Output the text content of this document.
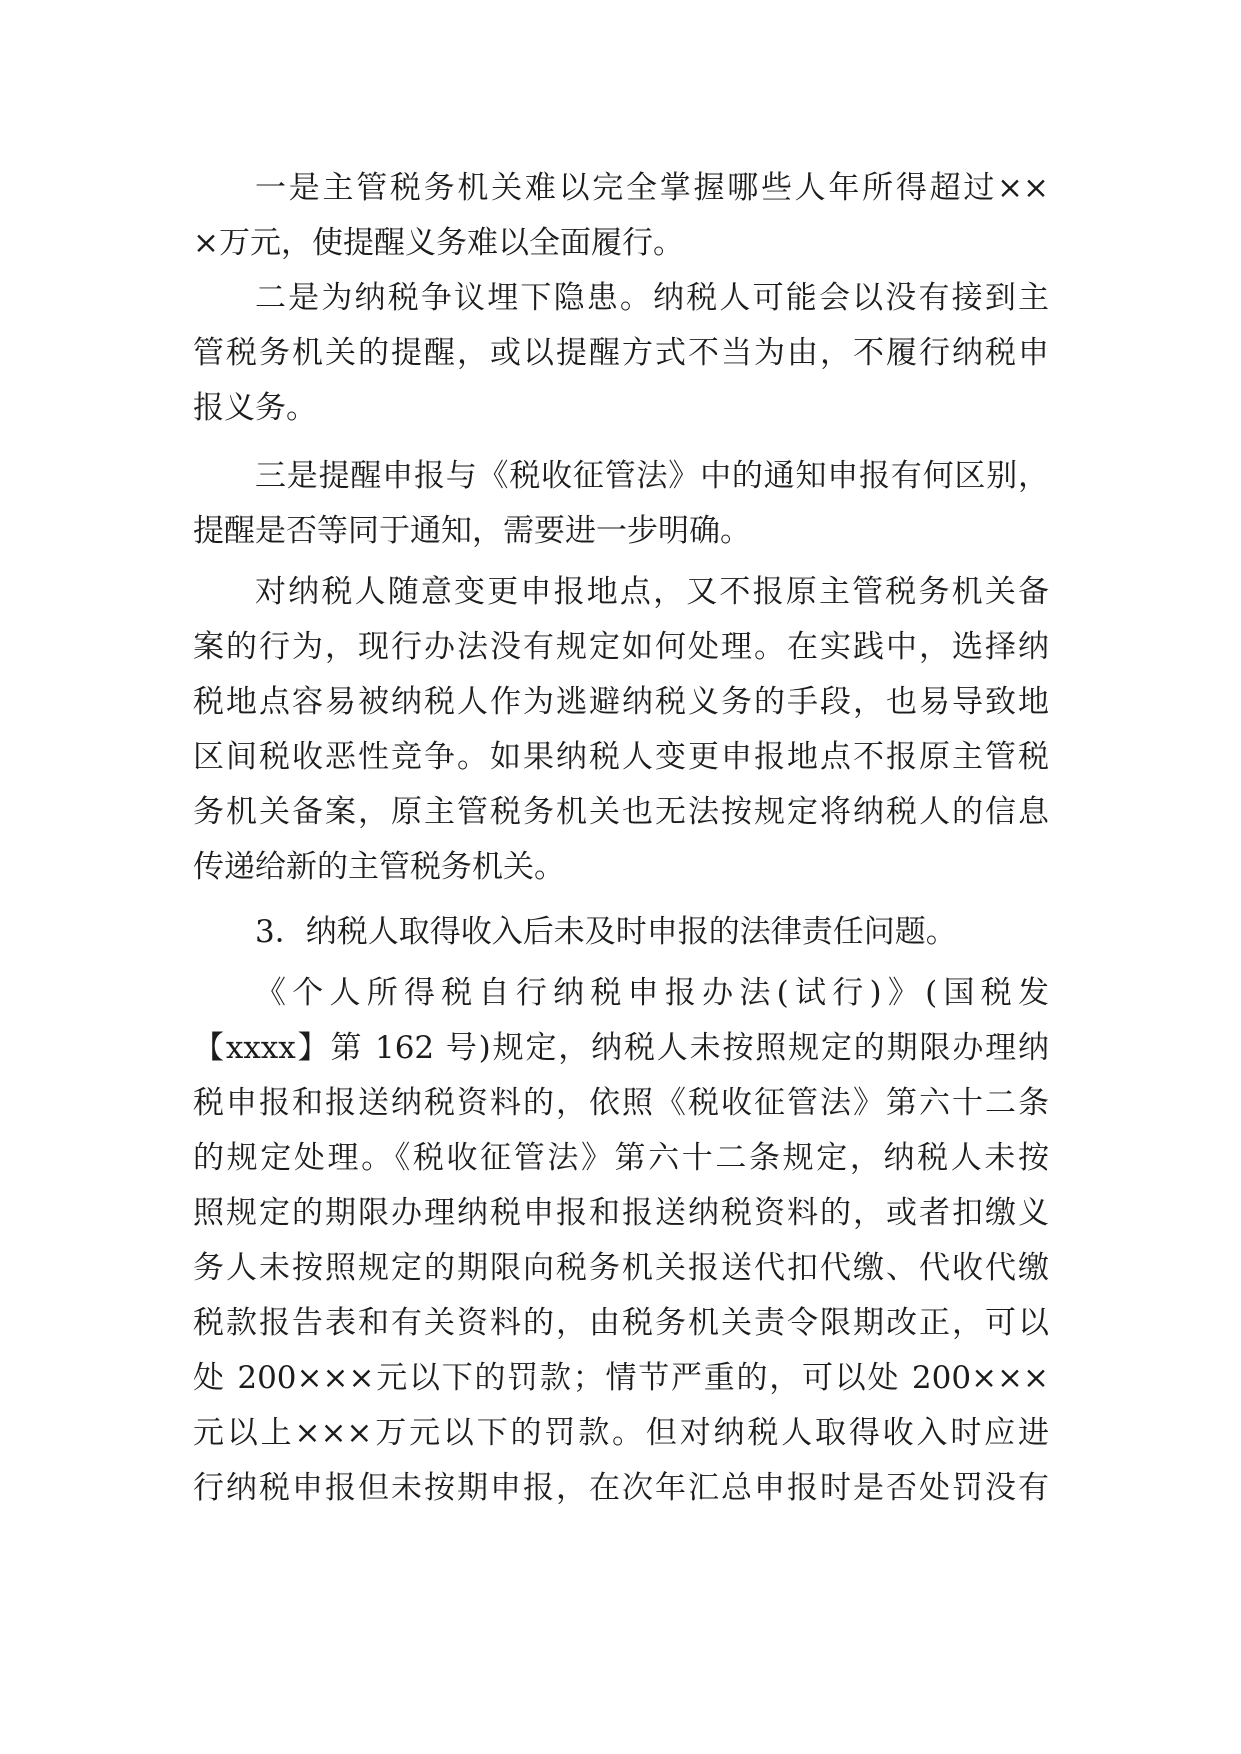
一是主管税务机关难以完全掌握哪些人年所得超过××

×万元，使提醒义务难以全面履行。

二是为纳税争议埋下隐患。纳税人可能会以没有接到主

管税务机关的提醒，或以提醒方式不当为由，不履行纳税申

报义务。

三是提醒申报与《税收征管法》中的通知申报有何区别，

提醒是否等同于通知，需要进一步明确。

对纳税人随意变更申报地点，又不报原主管税务机关备

案的行为，现行办法没有规定如何处理。在实践中，选择纳

税地点容易被纳税人作为逃避纳税义务的手段，也易导致地

区间税收恶性竞争。如果纳税人变更申报地点不报原主管税

务机关备案，原主管税务机关也无法按规定将纳税人的信息

传递给新的主管税务机关。

3．纳税人取得收入后未及时申报的法律责任问题。

《个人所得税自行纳税申报办法(试行)》(国税发

【xxxx】第 162 号)规定，纳税人未按照规定的期限办理纳

税申报和报送纳税资料的，依照《税收征管法》第六十二条

的规定处理。《税收征管法》第六十二条规定，纳税人未按

照规定的期限办理纳税申报和报送纳税资料的，或者扣缴义

务人未按照规定的期限向税务机关报送代扣代缴、代收代缴

税款报告表和有关资料的，由税务机关责令限期改正，可以

处 200×××元以下的罚款；情节严重的，可以处 200×××

元以上×××万元以下的罚款。但对纳税人取得收入时应进

行纳税申报但未按期申报，在次年汇总申报时是否处罚没有
